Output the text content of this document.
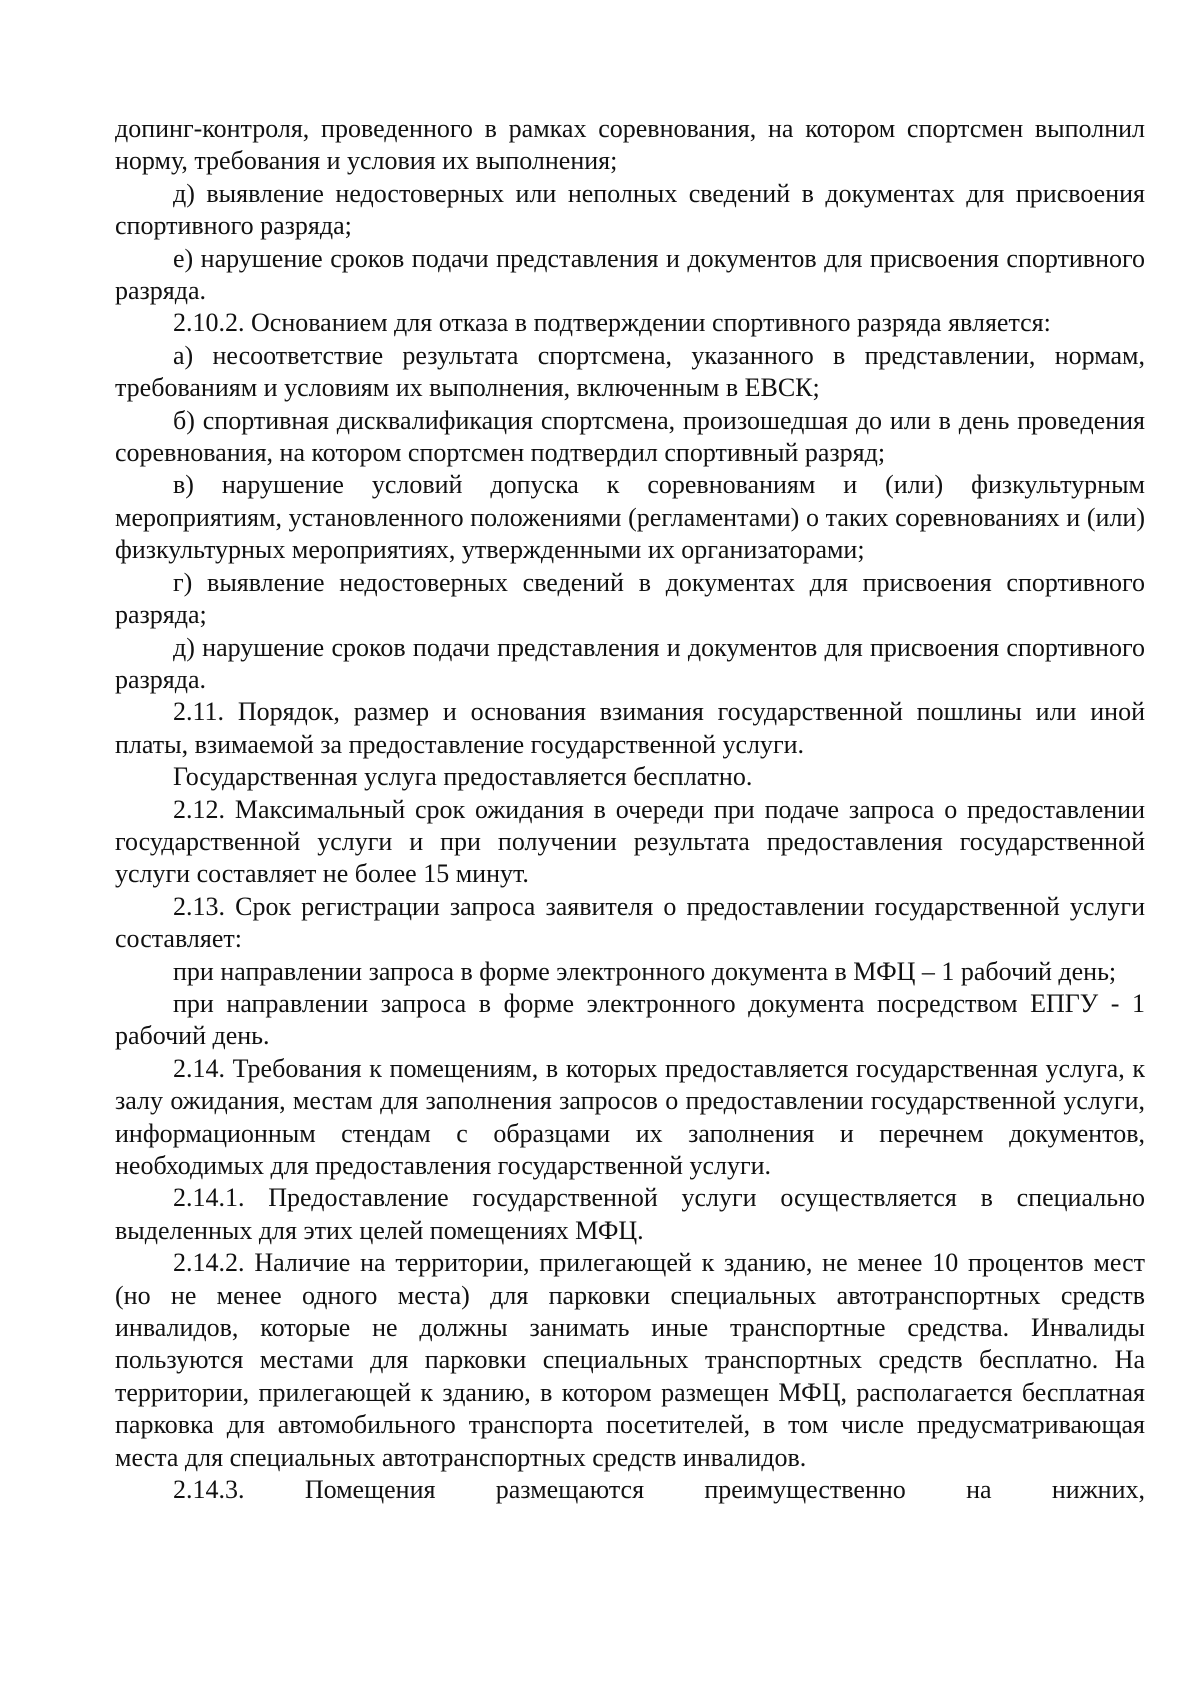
допинг-контроля, проведенного в рамках соревнования, на котором спортсмен выполнил норму, требования и условия их выполнения;

д) выявление недостоверных или неполных сведений в документах для присвоения спортивного разряда;

е) нарушение сроков подачи представления и документов для присвоения спортивного разряда.

2.10.2. Основанием для отказа в подтверждении спортивного разряда является:

а) несоответствие результата спортсмена, указанного в представлении, нормам, требованиям и условиям их выполнения, включенным в ЕВСК;

б) спортивная дисквалификация спортсмена, произошедшая до или в день проведения соревнования, на котором спортсмен подтвердил спортивный разряд;

в) нарушение условий допуска к соревнованиям и (или) физкультурным мероприятиям, установленного положениями (регламентами) о таких соревнованиях и (или) физкультурных мероприятиях, утвержденными их организаторами;

г) выявление недостоверных сведений в документах для присвоения спортивного разряда;

д) нарушение сроков подачи представления и документов для присвоения спортивного разряда.

2.11. Порядок, размер и основания взимания государственной пошлины или иной платы, взимаемой за предоставление государственной услуги.

Государственная услуга предоставляется бесплатно.

2.12. Максимальный срок ожидания в очереди при подаче запроса о предоставлении государственной услуги и при получении результата предоставления государственной услуги составляет не более 15 минут.

2.13. Срок регистрации запроса заявителя о предоставлении государственной услуги составляет:

при направлении запроса в форме электронного документа в МФЦ – 1 рабочий день;

при направлении запроса в форме электронного документа посредством ЕПГУ - 1 рабочий день.

2.14. Требования к помещениям, в которых предоставляется государственная услуга, к залу ожидания, местам для заполнения запросов о предоставлении государственной услуги, информационным стендам с образцами их заполнения и перечнем документов, необходимых для предоставления государственной услуги.

2.14.1. Предоставление государственной услуги осуществляется в специально выделенных для этих целей помещениях МФЦ.

2.14.2. Наличие на территории, прилегающей к зданию, не менее 10 процентов мест (но не менее одного места) для парковки специальных автотранспортных средств инвалидов, которые не должны занимать иные транспортные средства. Инвалиды пользуются местами для парковки специальных транспортных средств бесплатно. На территории, прилегающей к зданию, в котором размещен МФЦ, располагается бесплатная парковка для автомобильного транспорта посетителей, в том числе предусматривающая места для специальных автотранспортных средств инвалидов.

2.14.3. Помещения размещаются преимущественно на нижних,
